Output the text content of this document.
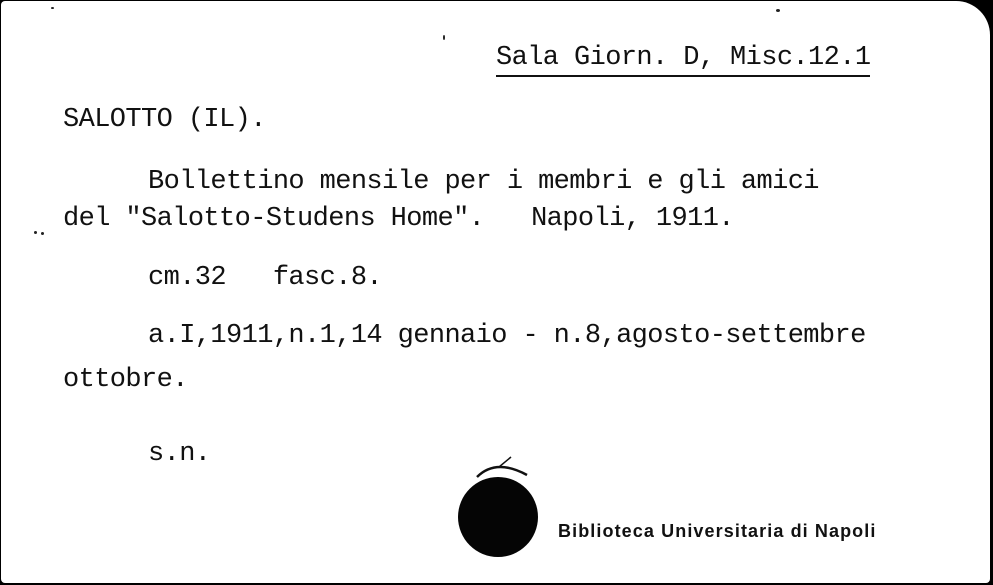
Sala Giorn. D, Misc.12.1
SALOTTO (IL).
Bollettino mensile per i membri e gli amici
del "Salotto-Studens Home".   Napoli, 1911.
cm.32   fasc.8.
a.I,1911,n.1,14 gennaio - n.8,agosto-settembre
ottobre.
s.n.
Biblioteca Universitaria di Napoli
